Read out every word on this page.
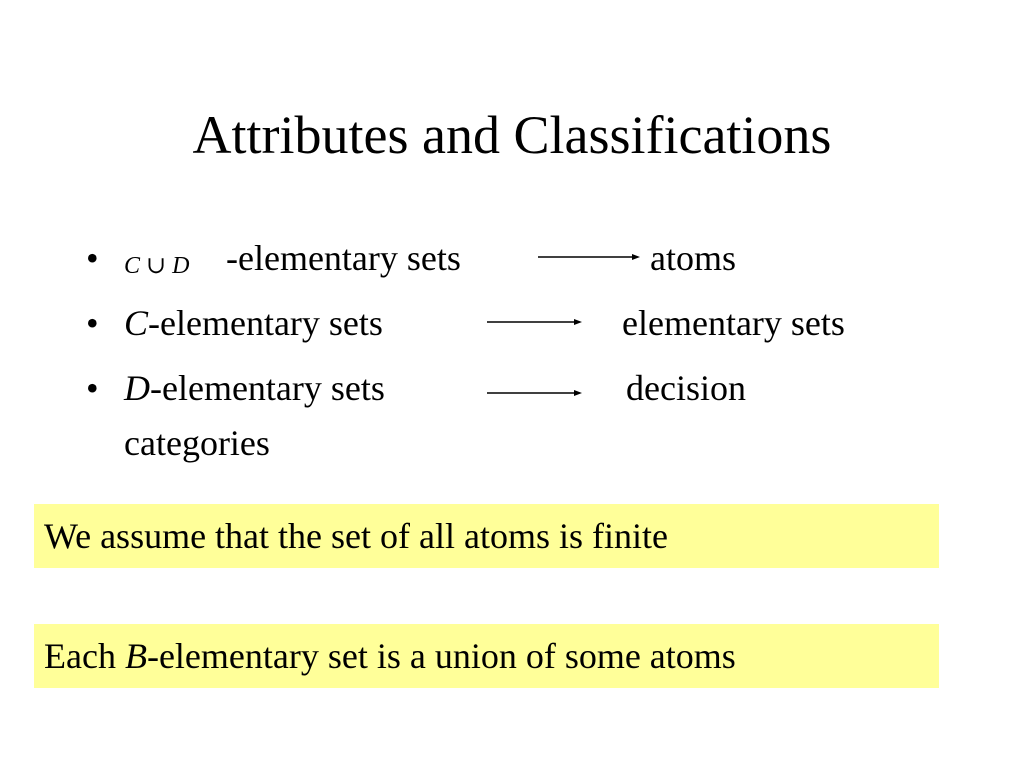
Attributes and Classifications
• C ∪ D -elementary sets	atoms
• C-elementary sets	elementary sets
• D-elementary sets	decision
categories
We assume that the set of all atoms is finite
Each B-elementary set is a union of some atoms
